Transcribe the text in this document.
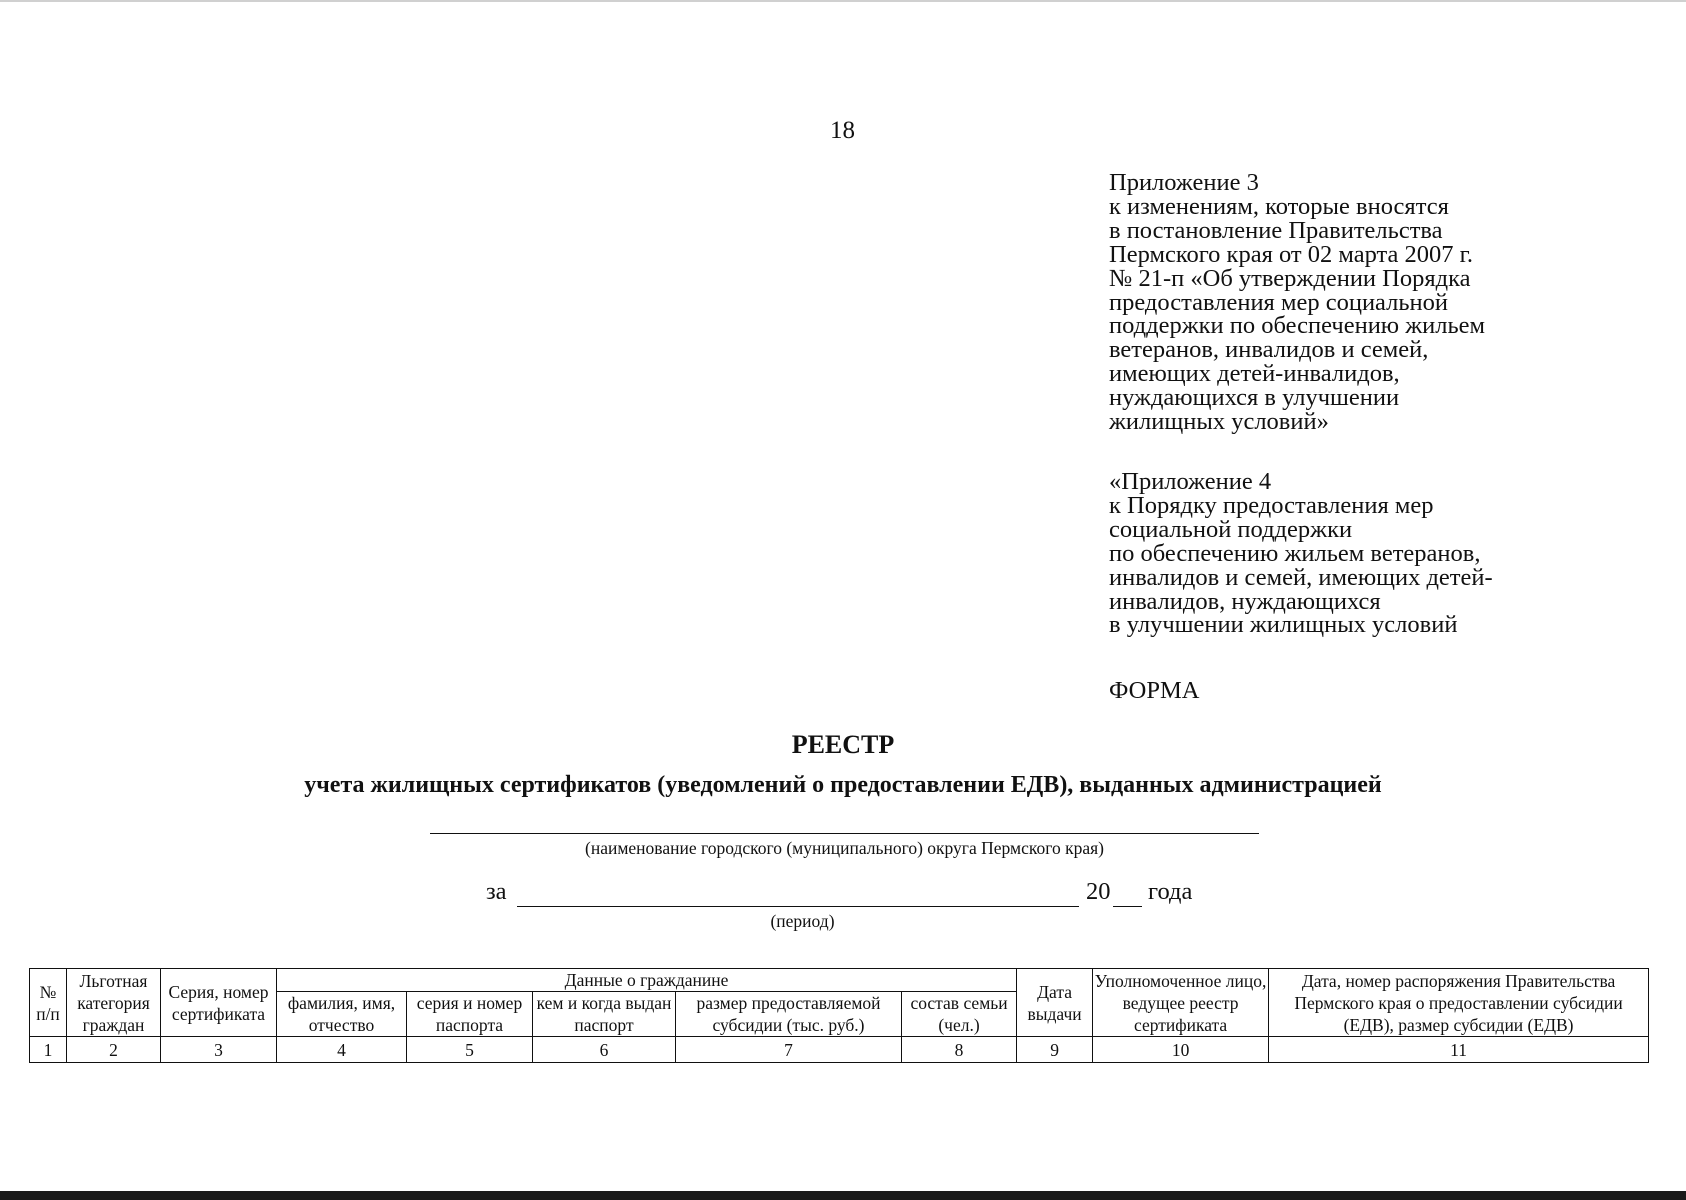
18
Приложение 3
к изменениям, которые вносятся
в постановление Правительства
Пермского края от 02 марта 2007 г.
№ 21-п «Об утверждении Порядка
предоставления мер социальной
поддержки по обеспечению жильем
ветеранов, инвалидов и семей,
имеющих детей-инвалидов,
нуждающихся в улучшении
жилищных условий»
«Приложение 4
к Порядку предоставления мер
социальной поддержки
по обеспечению жильем ветеранов,
инвалидов и семей, имеющих детей-
инвалидов, нуждающихся
в улучшении жилищных условий
ФОРМА
РЕЕСТР
учета жилищных сертификатов (уведомлений о предоставлении ЕДВ), выданных администрацией
(наименование городского (муниципального) округа Пермского края)
за	20 года
(период)
№ п/п	Льготная категория граждан	Серия, номер сертификата	Данные о гражданине					Дата выдачи	Уполномоченное лицо, ведущее реестр сертификата	Дата, номер распоряжения Правительства Пермского края о предоставлении субсидии (ЕДВ), размер субсидии (ЕДВ)
			фамилия, имя, отчество	серия и номер паспорта	кем и когда выдан паспорт	размер предоставляемой субсидии (тыс. руб.)	состав семьи (чел.)			
1	2	3	4	5	6	7	8	9	10	11
